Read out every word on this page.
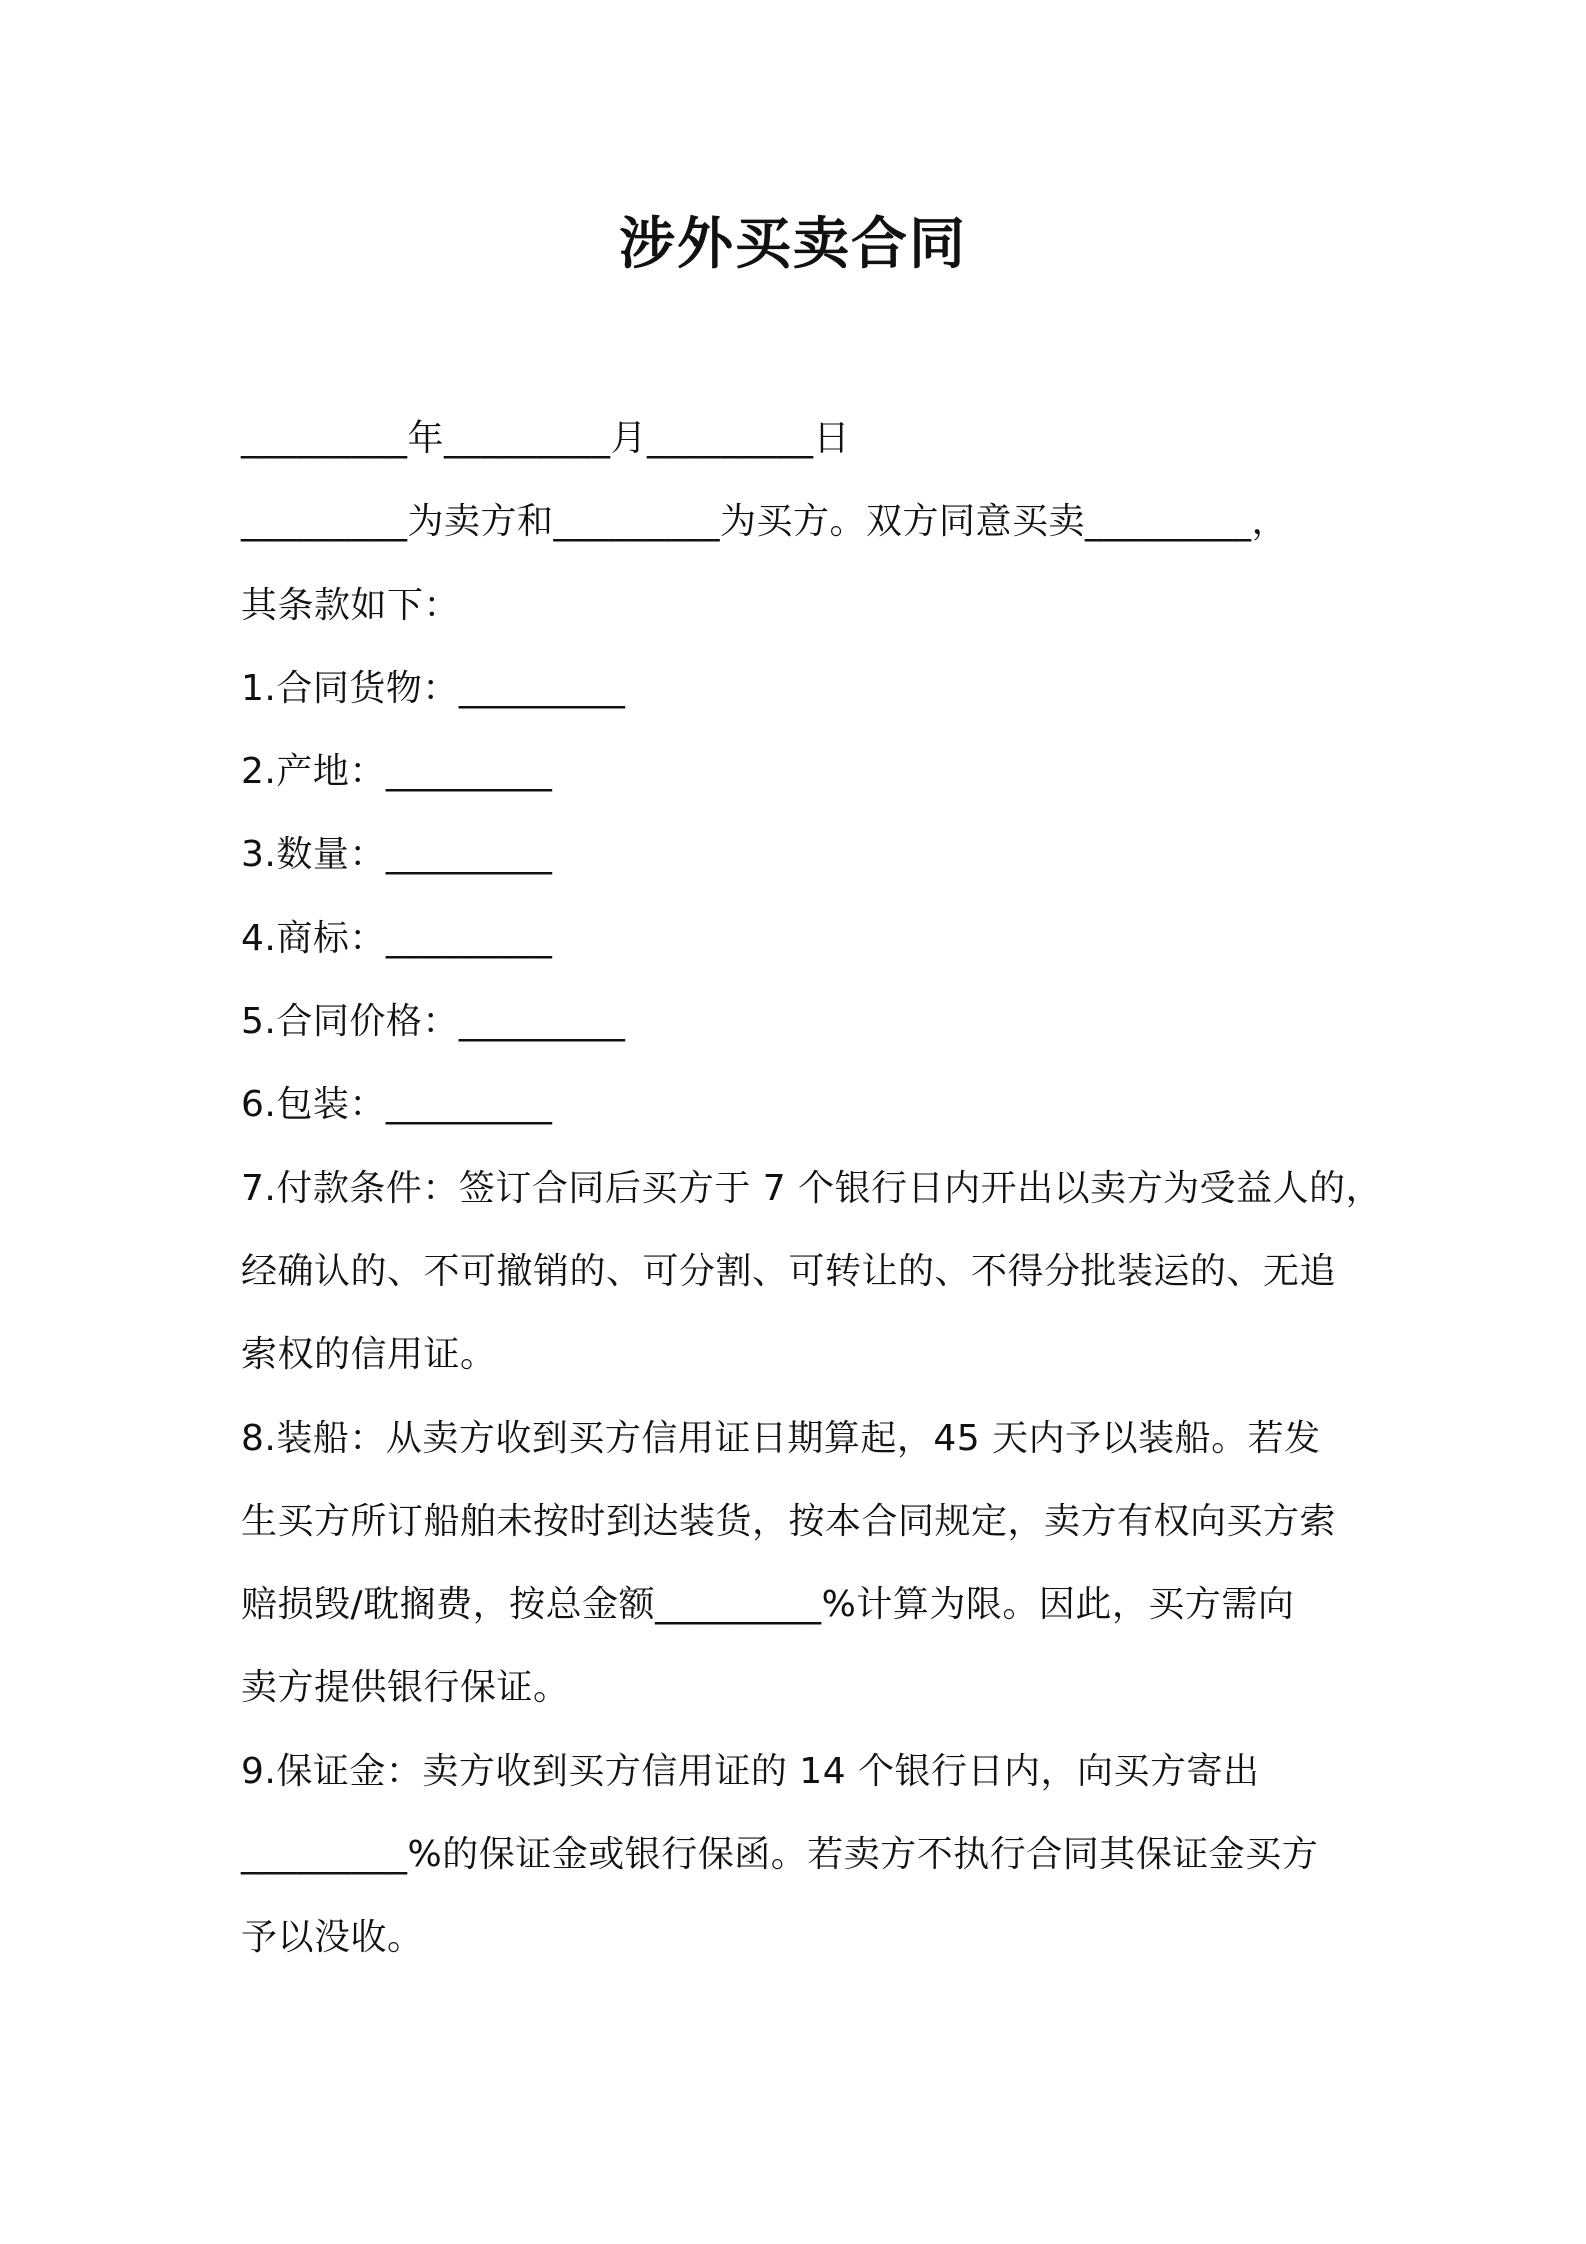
涉外买卖合同
_________年_________月_________日
_________为卖方和_________为买方。双方同意买卖_________，
其条款如下：
1.合同货物：_________
2.产地：_________
3.数量：_________
4.商标：_________
5.合同价格：_________
6.包装：_________
7.付款条件：签订合同后买方于 7 个银行日内开出以卖方为受益人的，
经确认的、不可撤销的、可分割、可转让的、不得分批装运的、无追
索权的信用证。
8.装船：从卖方收到买方信用证日期算起，45 天内予以装船。若发
生买方所订船舶未按时到达装货，按本合同规定，卖方有权向买方索
赔损毁/耽搁费，按总金额_________%计算为限。因此，买方需向
卖方提供银行保证。
9.保证金：卖方收到买方信用证的 14 个银行日内，向买方寄出
_________%的保证金或银行保函。若卖方不执行合同其保证金买方
予以没收。
